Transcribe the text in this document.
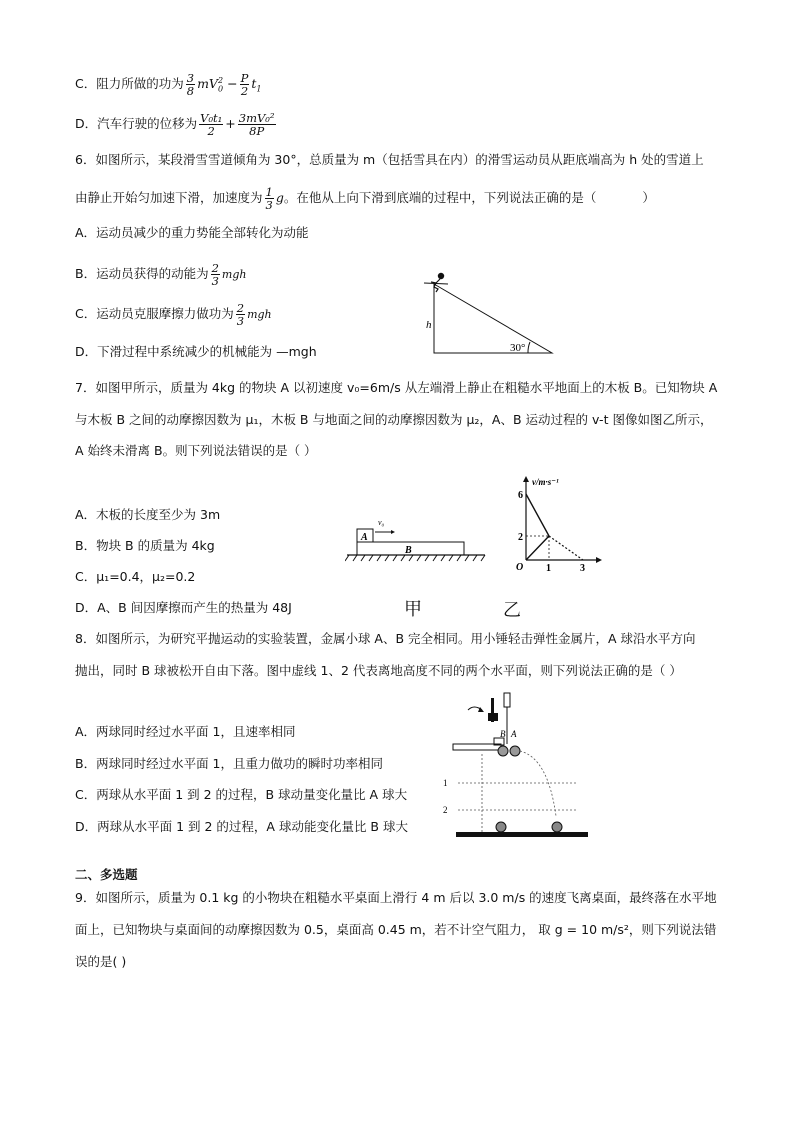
C．阻力所做的功为 $\frac{3}{8} mV_0^2 - \frac{P}{2} t_1$
D．汽车行驶的位移为 $\frac{\text{V₀t₁}}{2} + \frac{\text{3mV₀²}}{8P}$
6．如图所示，某段滑雪雪道倾角为 30°，总质量为 m（包括雪具在内）的滑雪运动员从距底端高为 h 处的雪道上
由静止开始匀加速下滑，加速度为 $\frac{1}{3}$ g。在他从上向下滑到底端的过程中，下列说法正确的是（	）
A．运动员减少的重力势能全部转化为动能
B．运动员获得的动能为 $\frac{2}{3}$ mgh
C．运动员克服摩擦力做功为 $\frac{2}{3}$ mgh
D．下滑过程中系统减少的机械能为 —mgh
h
30°
7．如图甲所示，质量为 4kg 的物块 A 以初速度 v₀=6m/s 从左端滑上静止在粗糙水平地面上的木板 B。已知物块 A
与木板 B 之间的动摩擦因数为 μ₁，木板 B 与地面之间的动摩擦因数为 μ₂，A、B 运动过程的 v-t 图像如图乙所示，
A 始终未滑离 B。则下列说法错误的是（ ）
A．木板的长度至少为 3m
B．物块 B 的质量为 4kg
C．μ₁=0.4，μ₂=0.2
D．A、B 间因摩擦而产生的热量为 48J
A
B
v₀
v/m·s⁻¹
O
6
2
1	3
甲	乙
8．如图所示，为研究平抛运动的实验装置，金属小球 A、B 完全相同。用小锤轻击弹性金属片，A 球沿水平方向
抛出，同时 B 球被松开自由下落。图中虚线 1、2 代表离地高度不同的两个水平面，则下列说法正确的是（ ）
A．两球同时经过水平面 1，且速率相同
B．两球同时经过水平面 1，且重力做功的瞬时功率相同
C．两球从水平面 1 到 2 的过程，B 球动量变化量比 A 球大
D．两球从水平面 1 到 2 的过程，A 球动能变化量比 B 球大
B A
1
2
二、多选题
9．如图所示，质量为 0.1 kg 的小物块在粗糙水平桌面上滑行 4 m 后以 3.0 m/s 的速度飞离桌面，最终落在水平地
面上，已知物块与桌面间的动摩擦因数为 0.5，桌面高 0.45 m，若不计空气阻力， 取 g = 10 m/s²，则下列说法错
误的是( )
